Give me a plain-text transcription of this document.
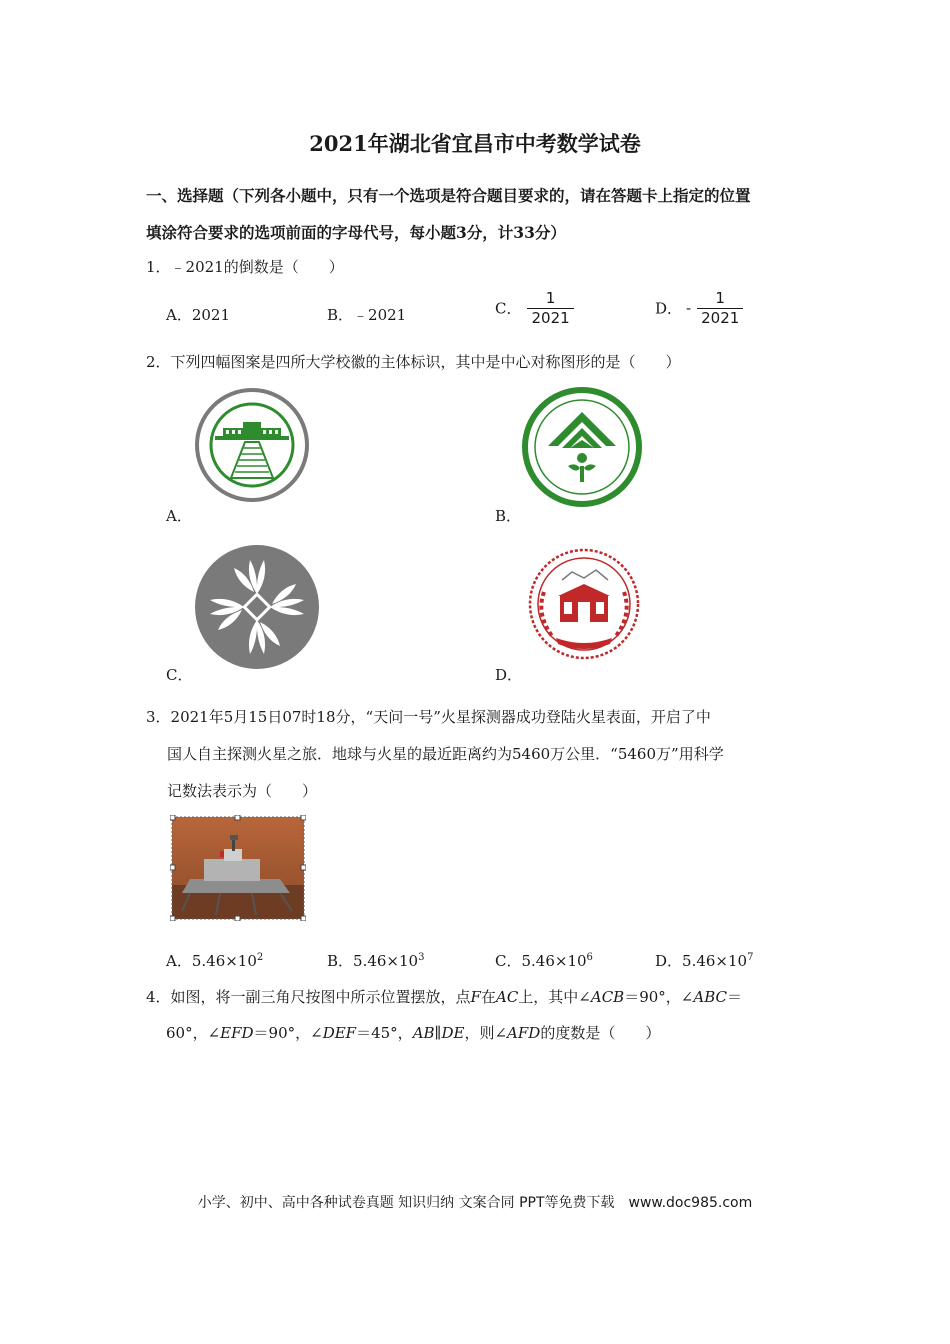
2021年湖北省宜昌市中考数学试卷
一、选择题（下列各小题中，只有一个选项是符合题目要求的，请在答题卡上指定的位置
填涂符合要求的选项前面的字母代号，每小题3分，计33分）
1．﹣2021的倒数是（　　）
A．2021	B．﹣2021	C． $\frac{1}{2021}$	D． - $\frac{1}{2021}$
2．下列四幅图案是四所大学校徽的主体标识，其中是中心对称图形的是（　　）
A．	B．
C．	D．
3．2021年5月15日07时18分，“天问一号”火星探测器成功登陆火星表面，开启了中
国人自主探测火星之旅．地球与火星的最近距离约为5460万公里．“5460万”用科学
记数法表示为（　　）
A．$5.46\times 10^2$	B．$5.46\times 10^3$	C．$5.46\times 10^6$	D．$5.46\times 10^7$
4．如图，将一副三角尺按图中所示位置摆放，点F在AC上，其中∠ACB＝90°，∠ABC＝
60°，∠EFD＝90°，∠DEF＝45°，AB∥DE，则∠AFD的度数是（　　）
小学、初中、高中各种试卷真题 知识归纳 文案合同 PPT等免费下载　www.doc985.com
